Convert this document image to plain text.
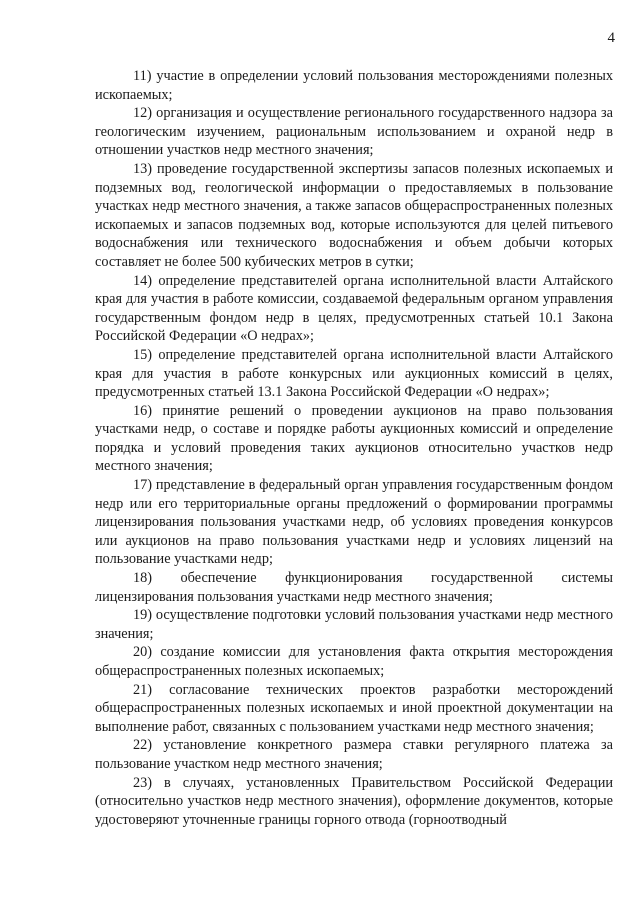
4

11) участие в определении условий пользования месторождениями полезных ископаемых;

12) организация и осуществление регионального государственного надзора за геологическим изучением, рациональным использованием и охраной недр в отношении участков недр местного значения;

13) проведение государственной экспертизы запасов полезных ископаемых и подземных вод, геологической информации о предоставляемых в пользование участках недр местного значения, а также запасов общераспространенных полезных ископаемых и запасов подземных вод, которые используются для целей питьевого водоснабжения или технического водоснабжения и объем добычи которых составляет не более 500 кубических метров в сутки;

14) определение представителей органа исполнительной власти Алтайского края для участия в работе комиссии, создаваемой федеральным органом управления государственным фондом недр в целях, предусмотренных статьей 10.1 Закона Российской Федерации «О недрах»;

15) определение представителей органа исполнительной власти Алтайского края для участия в работе конкурсных или аукционных комиссий в целях, предусмотренных статьей 13.1 Закона Российской Федерации «О недрах»;

16) принятие решений о проведении аукционов на право пользования участками недр, о составе и порядке работы аукционных комиссий и определение порядка и условий проведения таких аукционов относительно участков недр местного значения;

17) представление в федеральный орган управления государственным фондом недр или его территориальные органы предложений о формировании программы лицензирования пользования участками недр, об условиях проведения конкурсов или аукционов на право пользования участками недр и условиях лицензий на пользование участками недр;

18) обеспечение функционирования государственной системы лицензирования пользования участками недр местного значения;

19) осуществление подготовки условий пользования участками недр местного значения;

20) создание комиссии для установления факта открытия месторождения общераспространенных полезных ископаемых;

21) согласование технических проектов разработки месторождений общераспространенных полезных ископаемых и иной проектной документации на выполнение работ, связанных с пользованием участками недр местного значения;

22) установление конкретного размера ставки регулярного платежа за пользование участком недр местного значения;

23) в случаях, установленных Правительством Российской Федерации (относительно участков недр местного значения), оформление документов, которые удостоверяют уточненные границы горного отвода (горноотводный
